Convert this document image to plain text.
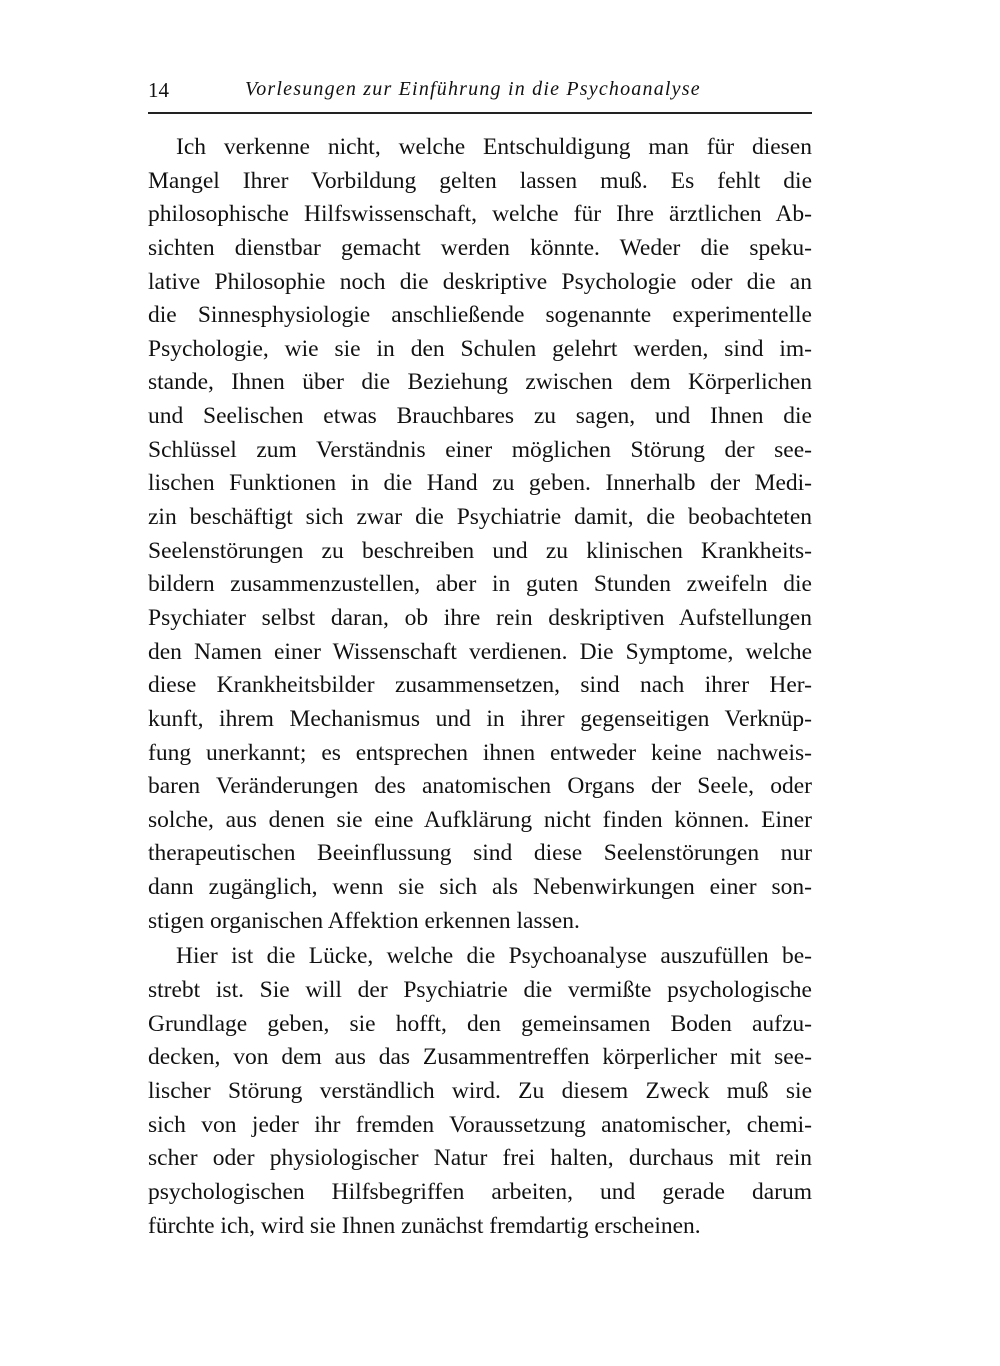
14	Vorlesungen zur Einführung in die Psychoanalyse
Ich verkenne nicht, welche Entschuldigung man für diesen
Mangel Ihrer Vorbildung gelten lassen muß. Es fehlt die
philosophische Hilfswissenschaft, welche für Ihre ärztlichen Ab-
sichten dienstbar gemacht werden könnte. Weder die speku-
lative Philosophie noch die deskriptive Psychologie oder die an
die Sinnesphysiologie anschließende sogenannte experimentelle
Psychologie, wie sie in den Schulen gelehrt werden, sind im-
stande, Ihnen über die Beziehung zwischen dem Körperlichen
und Seelischen etwas Brauchbares zu sagen, und Ihnen die
Schlüssel zum Verständnis einer möglichen Störung der see-
lischen Funktionen in die Hand zu geben. Innerhalb der Medi-
zin beschäftigt sich zwar die Psychiatrie damit, die beobachteten
Seelenstörungen zu beschreiben und zu klinischen Krankheits-
bildern zusammenzustellen, aber in guten Stunden zweifeln die
Psychiater selbst daran, ob ihre rein deskriptiven Aufstellungen
den Namen einer Wissenschaft verdienen. Die Symptome, welche
diese Krankheitsbilder zusammensetzen, sind nach ihrer Her-
kunft, ihrem Mechanismus und in ihrer gegenseitigen Verknüp-
fung unerkannt; es entsprechen ihnen entweder keine nachweis-
baren Veränderungen des anatomischen Organs der Seele, oder
solche, aus denen sie eine Aufklärung nicht finden können. Einer
therapeutischen Beeinflussung sind diese Seelenstörungen nur
dann zugänglich, wenn sie sich als Nebenwirkungen einer son-
stigen organischen Affektion erkennen lassen.
Hier ist die Lücke, welche die Psychoanalyse auszufüllen be-
strebt ist. Sie will der Psychiatrie die vermißte psychologische
Grundlage geben, sie hofft, den gemeinsamen Boden aufzu-
decken, von dem aus das Zusammentreffen körperlicher mit see-
lischer Störung verständlich wird. Zu diesem Zweck muß sie
sich von jeder ihr fremden Voraussetzung anatomischer, chemi-
scher oder physiologischer Natur frei halten, durchaus mit rein
psychologischen Hilfsbegriffen arbeiten, und gerade darum
fürchte ich, wird sie Ihnen zunächst fremdartig erscheinen.
